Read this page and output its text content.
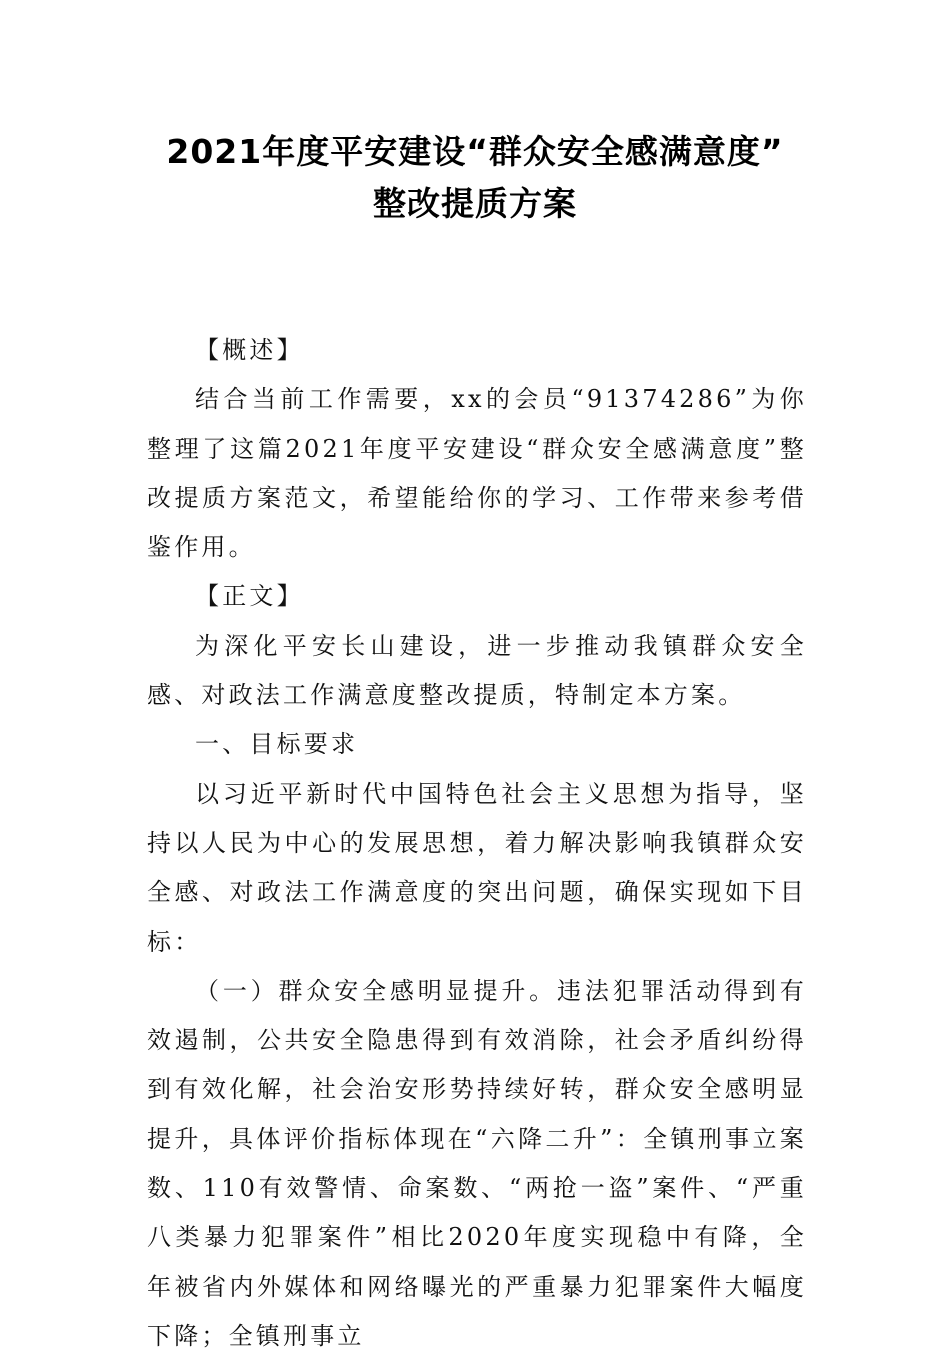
2021年度平安建设“群众安全感满意度”
整改提质方案

【概述】

结合当前工作需要，xx的会员“91374286”为你整理了这篇2021年度平安建设“群众安全感满意度”整改提质方案范文，希望能给你的学习、工作带来参考借鉴作用。

【正文】

为深化平安长山建设，进一步推动我镇群众安全感、对政法工作满意度整改提质，特制定本方案。

一、目标要求

以习近平新时代中国特色社会主义思想为指导，坚持以人民为中心的发展思想，着力解决影响我镇群众安全感、对政法工作满意度的突出问题，确保实现如下目标：

（一）群众安全感明显提升。违法犯罪活动得到有效遏制，公共安全隐患得到有效消除，社会矛盾纠纷得到有效化解，社会治安形势持续好转，群众安全感明显提升，具体评价指标体现在“六降二升”：全镇刑事立案数、110有效警情、命案数、“两抢一盗”案件、“严重八类暴力犯罪案件”相比2020年度实现稳中有降，全年被省内外媒体和网络曝光的严重暴力犯罪案件大幅度下降；全镇刑事立
